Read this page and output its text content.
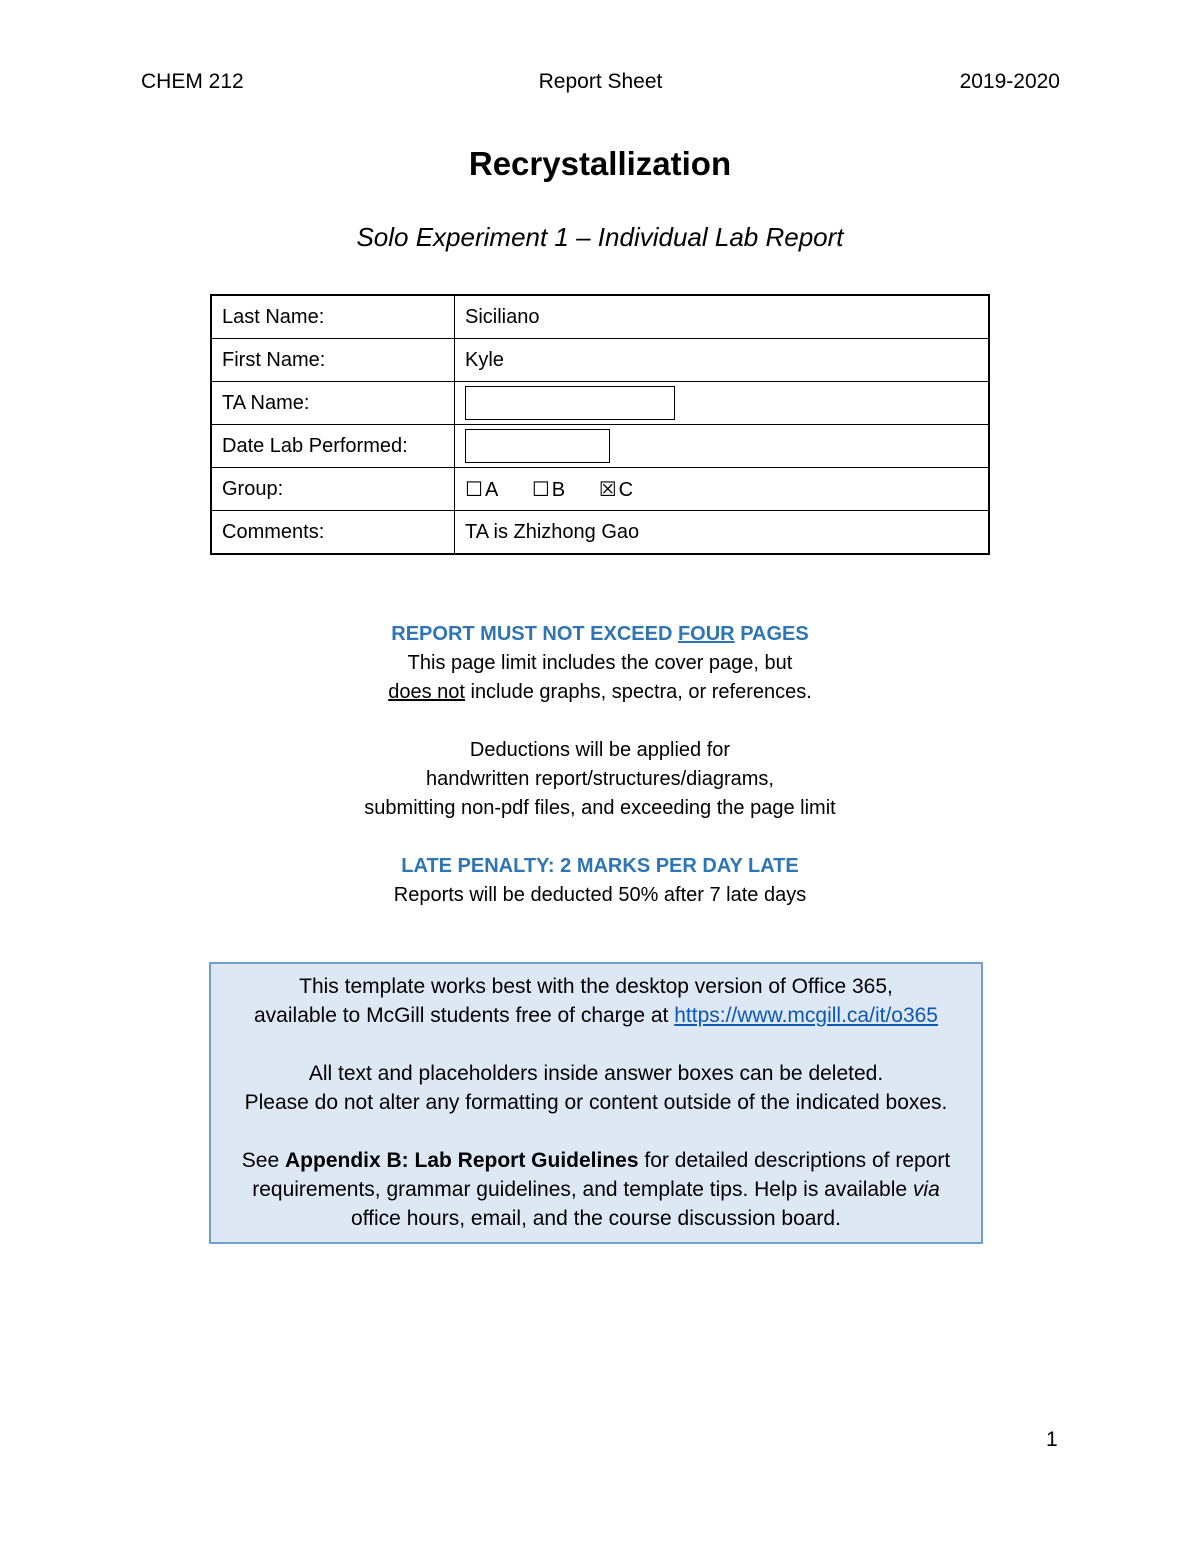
Report Sheet
CHEM 212	2019-2020
Recrystallization
Solo Experiment 1 – Individual Lab Report
Last Name:	Siciliano
First Name:	Kyle
TA Name:	
Date Lab Performed:	
Group:	☐ A ☐ B ☒ C
Comments:	TA is Zhizhong Gao
REPORT MUST NOT EXCEED FOUR PAGES
This page limit includes the cover page, but
does not include graphs, spectra, or references.
Deductions will be applied for
handwritten report/structures/diagrams,
submitting non-pdf files, and exceeding the page limit
LATE PENALTY: 2 MARKS PER DAY LATE
Reports will be deducted 50% after 7 late days
This template works best with the desktop version of Office 365,
available to McGill students free of charge at https://www.mcgill.ca/it/o365
All text and placeholders inside answer boxes can be deleted.
Please do not alter any formatting or content outside of the indicated boxes.
See Appendix B: Lab Report Guidelines for detailed descriptions of report
requirements, grammar guidelines, and template tips. Help is available via
office hours, email, and the course discussion board.
1
